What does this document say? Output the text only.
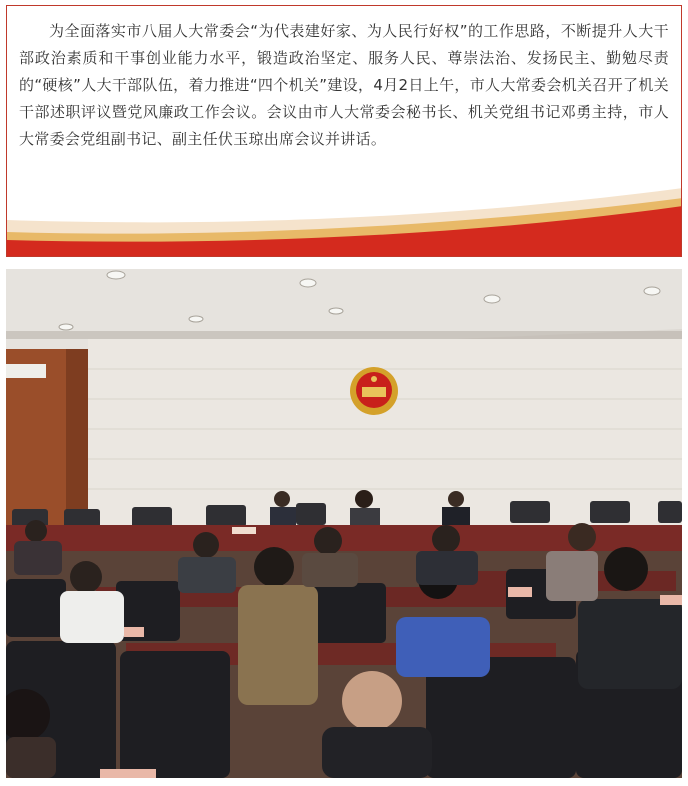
为全面落实市八届人大常委会“为代表建好家、为人民行好权”的工作思路，不断提升人大干部政治素质和干事创业能力水平，锻造政治坚定、服务人民、尊崇法治、发扬民主、勤勉尽责的“硬核”人大干部队伍，着力推进“四个机关”建设，4月2日上午，市人大常委会机关召开了机关干部述职评议暨党风廉政工作会议。会议由市人大常委会秘书长、机关党组书记邓勇主持，市人大常委会党组副书记、副主任伏玉琼出席会议并讲话。
